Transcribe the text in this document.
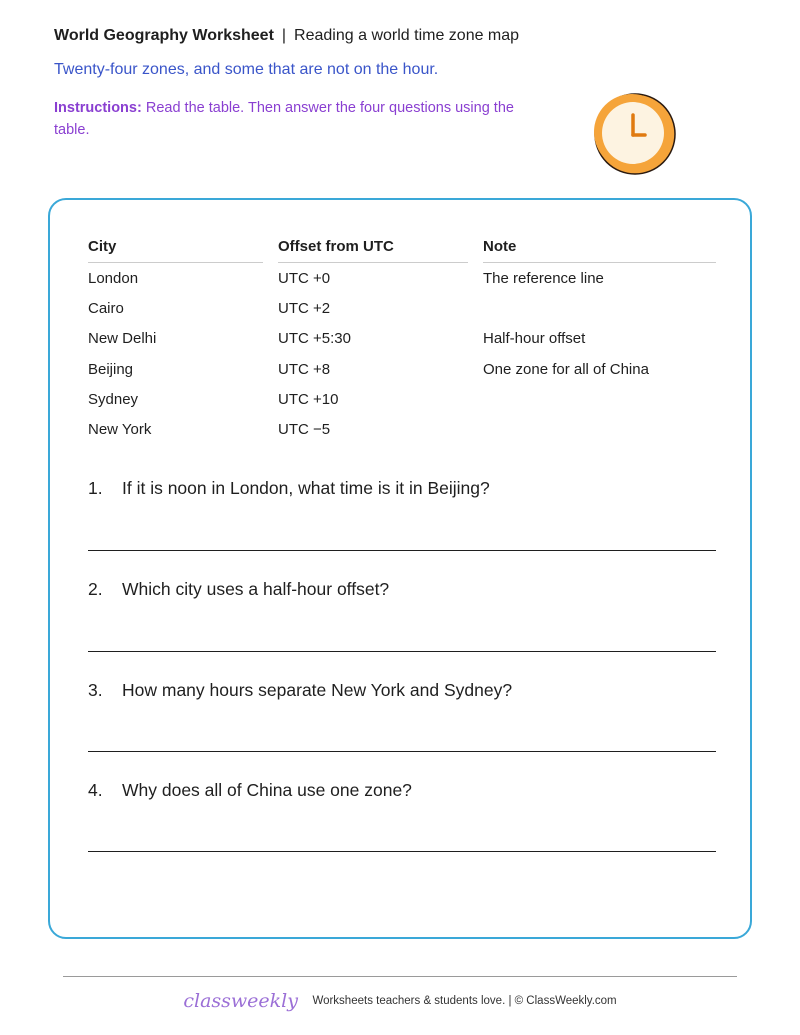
World Geography Worksheet | Reading a world time zone map
Twenty-four zones, and some that are not on the hour.
Instructions: Read the table. Then answer the four questions using the table.
City	Offset from UTC	Note
London	UTC +0	The reference line
Cairo	UTC +2
New Delhi	UTC +5:30	Half-hour offset
Beijing	UTC +8	One zone for all of China
Sydney	UTC +10
New York	UTC −5
1. If it is noon in London, what time is it in Beijing?
2. Which city uses a half-hour offset?
3. How many hours separate New York and Sydney?
4. Why does all of China use one zone?
classweekly Worksheets teachers & students love. | © ClassWeekly.com
